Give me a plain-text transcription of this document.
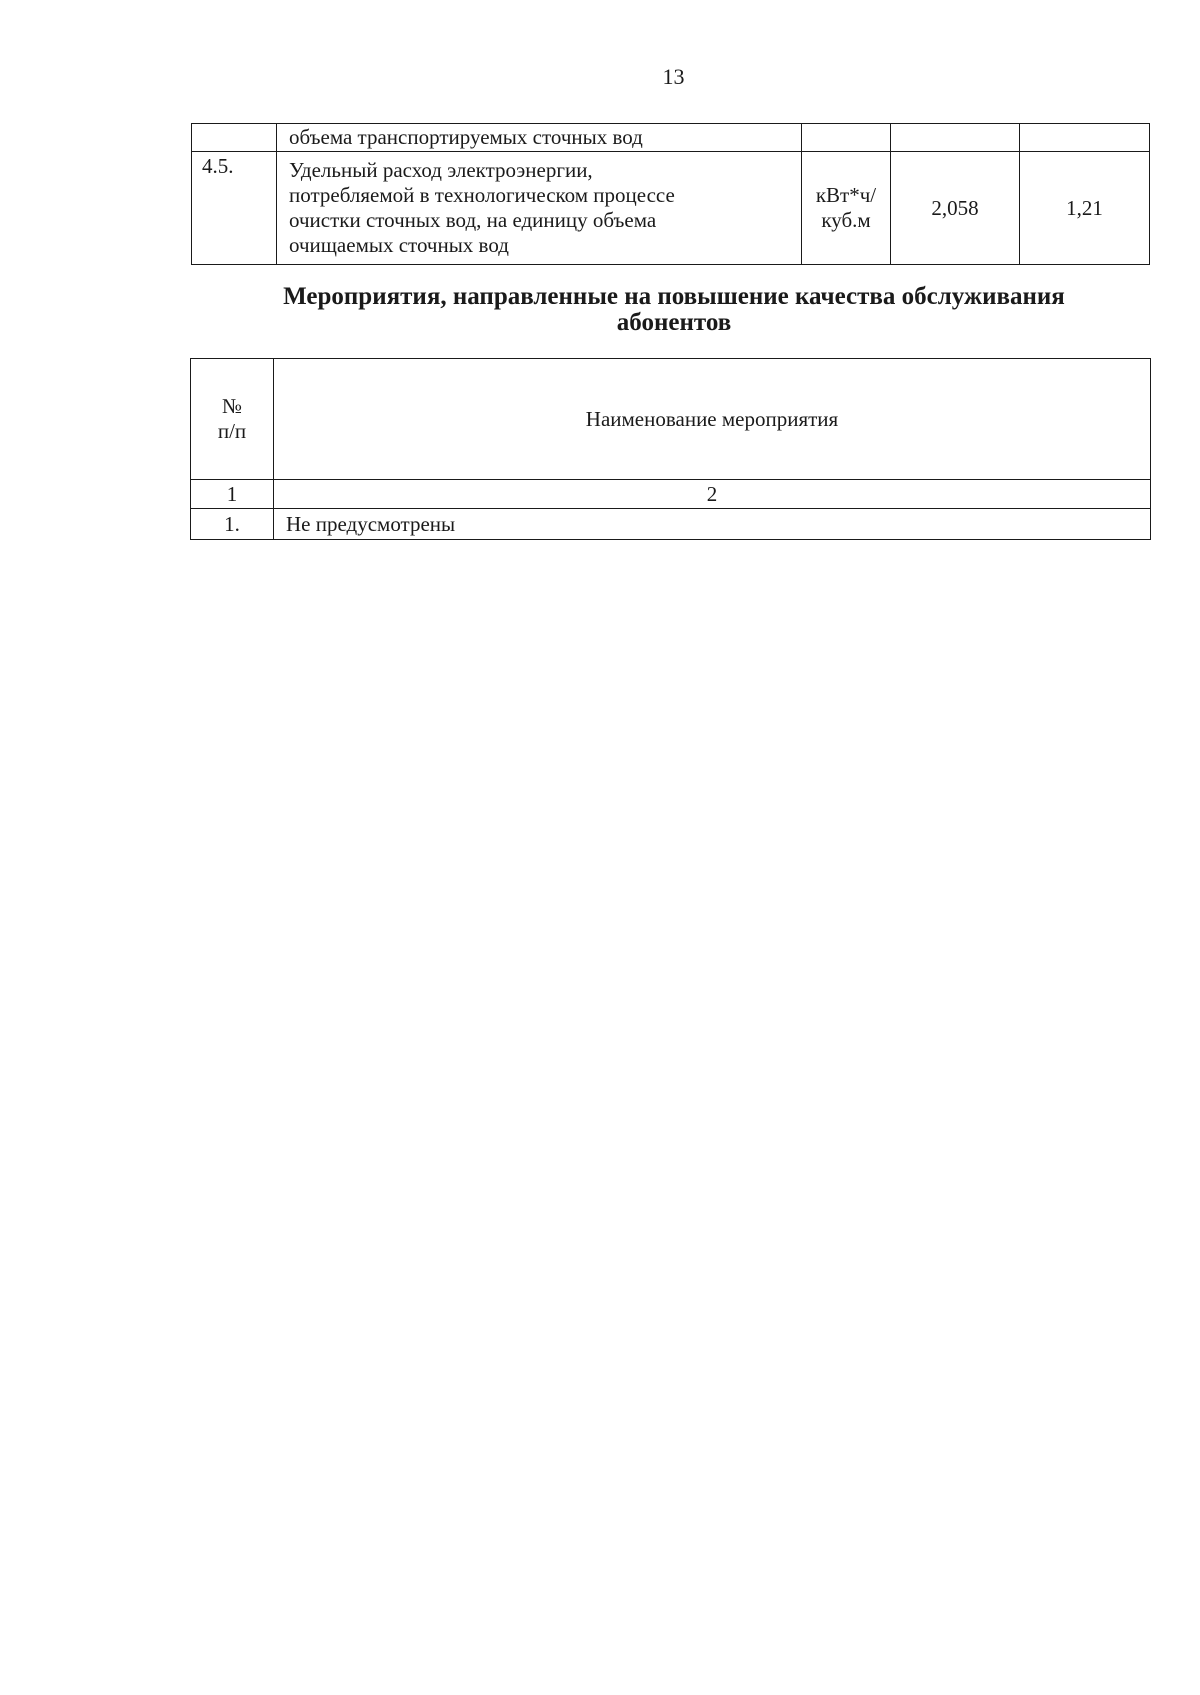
13

	объема транспортируемых сточных вод			

4.5.	Удельный расход электроэнергии,
потребляемой в технологическом процессе
очистки сточных вод, на единицу объема
очищаемых сточных вод	кВт*ч/
куб.м	2,058	1,21
Мероприятия, направленные на повышение качества обслуживания
абонентов
№
п/п	Наименование мероприятия
1	2
1.	Не предусмотрены
